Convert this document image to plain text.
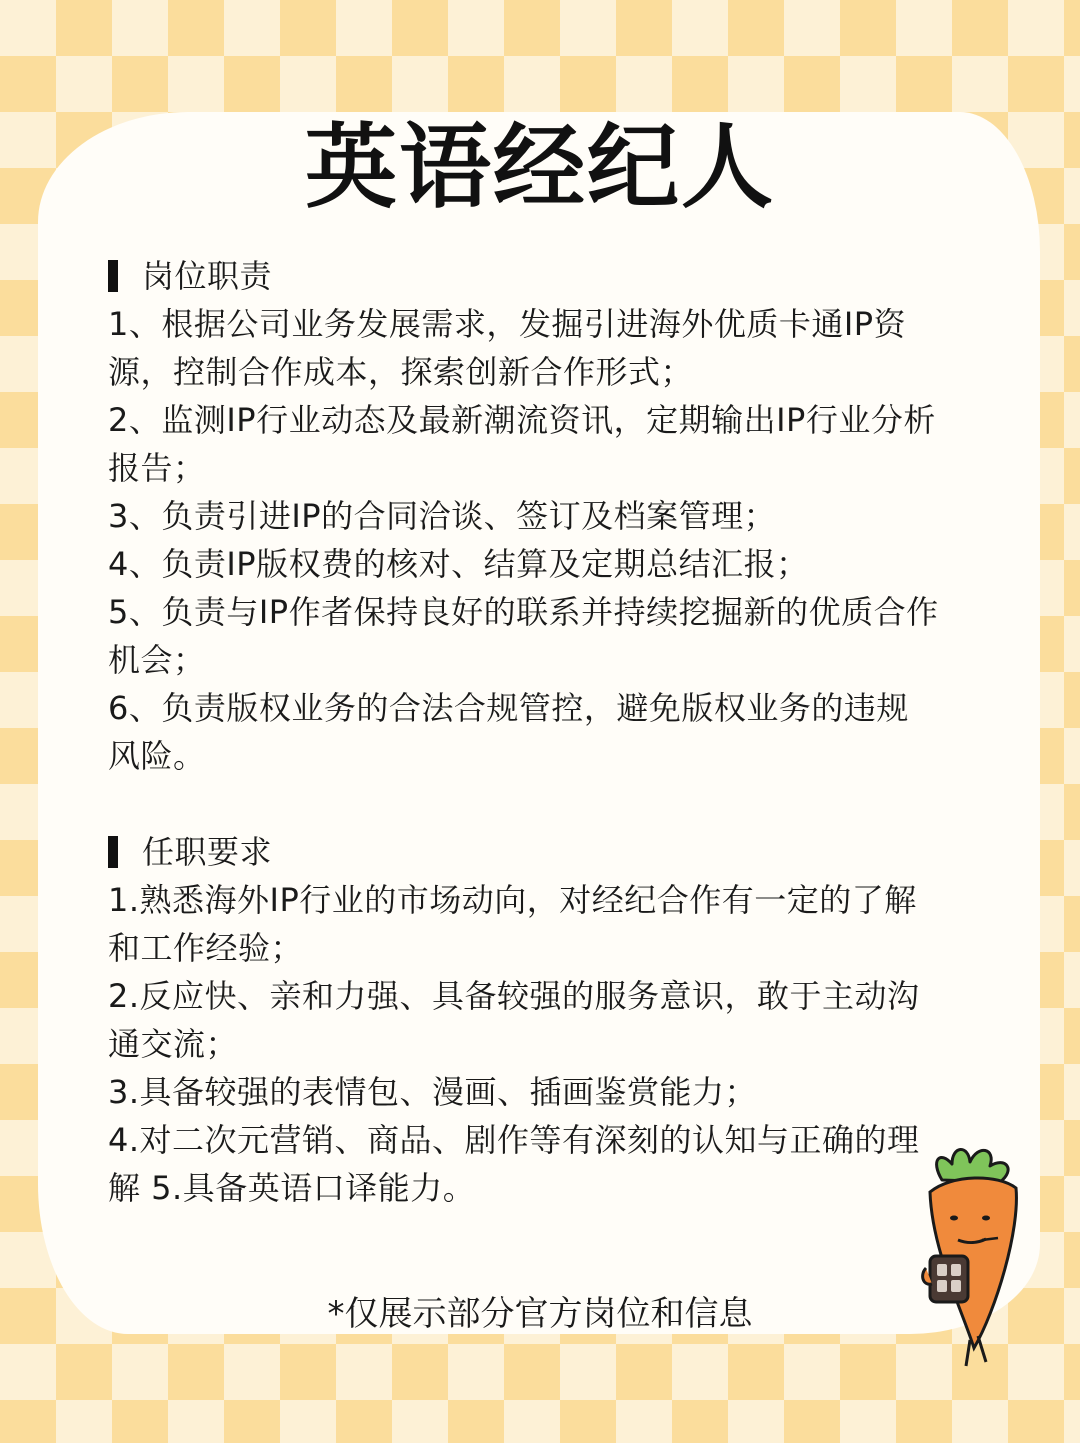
英语经纪人
岗位职责
1、根据公司业务发展需求，发掘引进海外优质卡通IP资
源，控制合作成本，探索创新合作形式；
2、监测IP行业动态及最新潮流资讯，定期输出IP行业分析
报告；
3、负责引进IP的合同洽谈、签订及档案管理；
4、负责IP版权费的核对、结算及定期总结汇报；
5、负责与IP作者保持良好的联系并持续挖掘新的优质合作
机会；
6、负责版权业务的合法合规管控，避免版权业务的违规
风险。
任职要求
1.熟悉海外IP行业的市场动向，对经纪合作有一定的了解
和工作经验；
2.反应快、亲和力强、具备较强的服务意识，敢于主动沟
通交流；
3.具备较强的表情包、漫画、插画鉴赏能力；
4.对二次元营销、商品、剧作等有深刻的认知与正确的理
解 5.具备英语口译能力。
*仅展示部分官方岗位和信息
